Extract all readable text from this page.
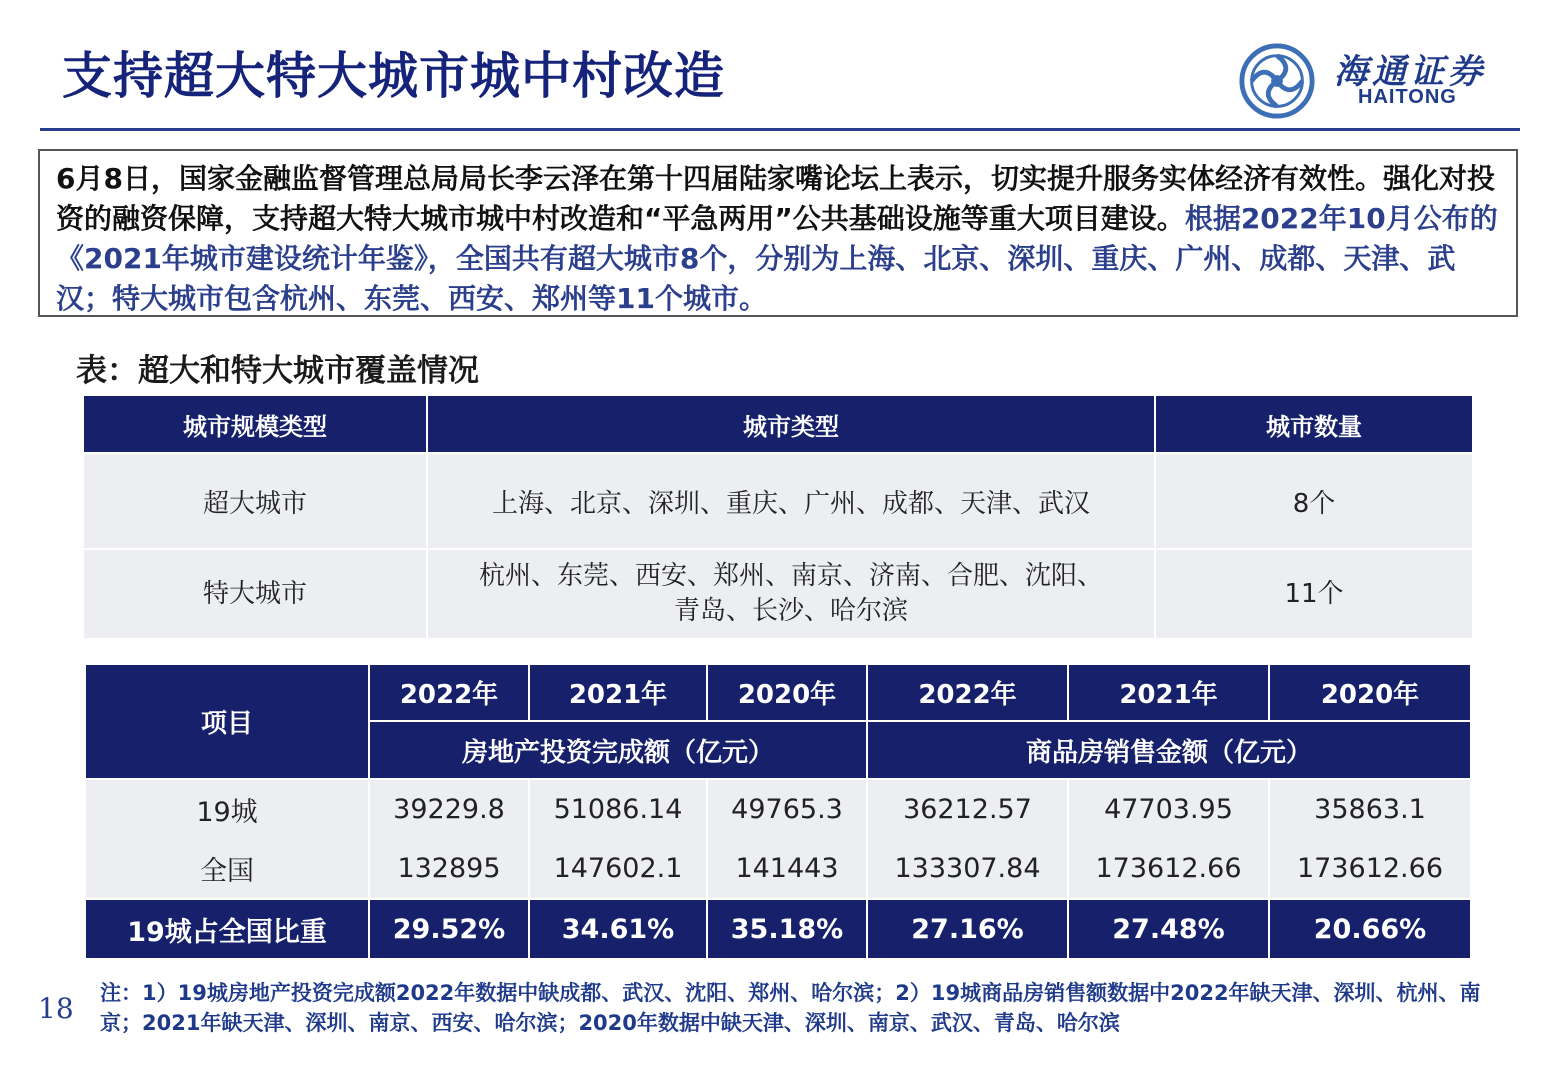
支持超大特大城市城中村改造	海通证券
HAITONG
6月8日，国家金融监督管理总局局长李云泽在第十四届陆家嘴论坛上表示，切实提升服务实体经济有效性。强化对投资的融资保障，支持超大特大城市城中村改造和“平急两用”公共基础设施等重大项目建设。根据2022年10月公布的《2021年城市建设统计年鉴》，全国共有超大城市8个，分别为上海、北京、深圳、重庆、广州、成都、天津、武汉；特大城市包含杭州、东莞、西安、郑州等11个城市。
表：超大和特大城市覆盖情况
城市规模类型	城市类型	城市数量
超大城市	上海、北京、深圳、重庆、广州、成都、天津、武汉	8个
特大城市	杭州、东莞、西安、郑州、南京、济南、合肥、沈阳、
青岛、长沙、哈尔滨	11个
项目	2022年	2021年	2020年	2022年	2021年	2020年
	房地产投资完成额（亿元）			商品房销售金额（亿元）		
19城	39229.8	51086.14	49765.3	36212.57	47703.95	35863.1
全国	132895	147602.1	141443	133307.84	173612.66	173612.66
19城占全国比重	29.52%	34.61%	35.18%	27.16%	27.48%	20.66%
18 注：1）19城房地产投资完成额2022年数据中缺成都、武汉、沈阳、郑州、哈尔滨；2）19城商品房销售额数据中2022年缺天津、深圳、杭州、南京；2021年缺天津、深圳、南京、西安、哈尔滨；2020年数据中缺天津、深圳、南京、武汉、青岛、哈尔滨
